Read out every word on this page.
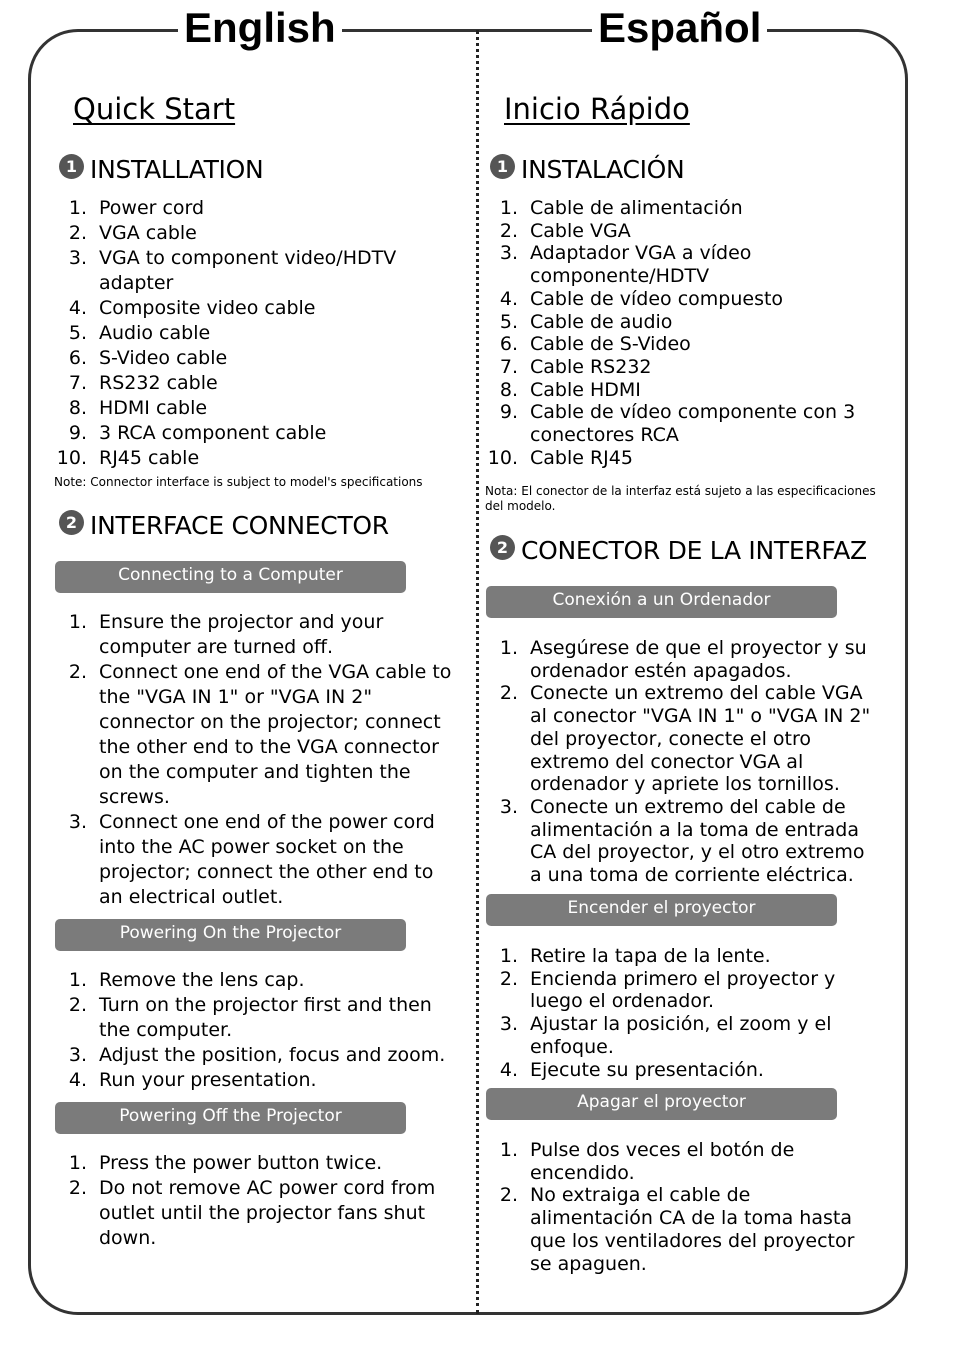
English	Español
Quick Start
1 INSTALLATION
1. Power cord
2. VGA cable
3. VGA to component video/HDTV adapter
4. Composite video cable
5. Audio cable
6. S-Video cable
7. RS232 cable
8. HDMI cable
9. 3 RCA component cable
10. RJ45 cable
Note: Connector interface is subject to model's specifications
2 INTERFACE CONNECTOR
Connecting to a Computer
1. Ensure the projector and your computer are turned off.
2. Connect one end of the VGA cable to the "VGA IN 1" or "VGA IN 2" connector on the projector; connect the other end to the VGA connector on the computer and tighten the screws.
3. Connect one end of the power cord into the AC power socket on the projector; connect the other end to an electrical outlet.
Powering On the Projector
1. Remove the lens cap.
2. Turn on the projector first and then the computer.
3. Adjust the position, focus and zoom.
4. Run your presentation.
Powering Off the Projector
1. Press the power button twice.
2. Do not remove AC power cord from outlet until the projector fans shut down.
Inicio Rápido
1 INSTALACIÓN
1. Cable de alimentación
2. Cable VGA
3. Adaptador VGA a vídeo componente/HDTV
4. Cable de vídeo compuesto
5. Cable de audio
6. Cable de S-Video
7. Cable RS232
8. Cable HDMI
9. Cable de vídeo componente con 3 conectores RCA
10. Cable RJ45
Nota: El conector de la interfaz está sujeto a las especificaciones del modelo.
2 CONECTOR DE LA INTERFAZ
Conexión a un Ordenador
1. Asegúrese de que el proyector y su ordenador estén apagados.
2. Conecte un extremo del cable VGA al conector "VGA IN 1" o "VGA IN 2" del proyector, conecte el otro extremo del conector VGA al ordenador y apriete los tornillos.
3. Conecte un extremo del cable de alimentación a la toma de entrada CA del proyector, y el otro extremo a una toma de corriente eléctrica.
Encender el proyector
1. Retire la tapa de la lente.
2. Encienda primero el proyector y luego el ordenador.
3. Ajustar la posición, el zoom y el enfoque.
4. Ejecute su presentación.
Apagar el proyector
1. Pulse dos veces el botón de encendido.
2. No extraiga el cable de alimentación CA de la toma hasta que los ventiladores del proyector se apaguen.
